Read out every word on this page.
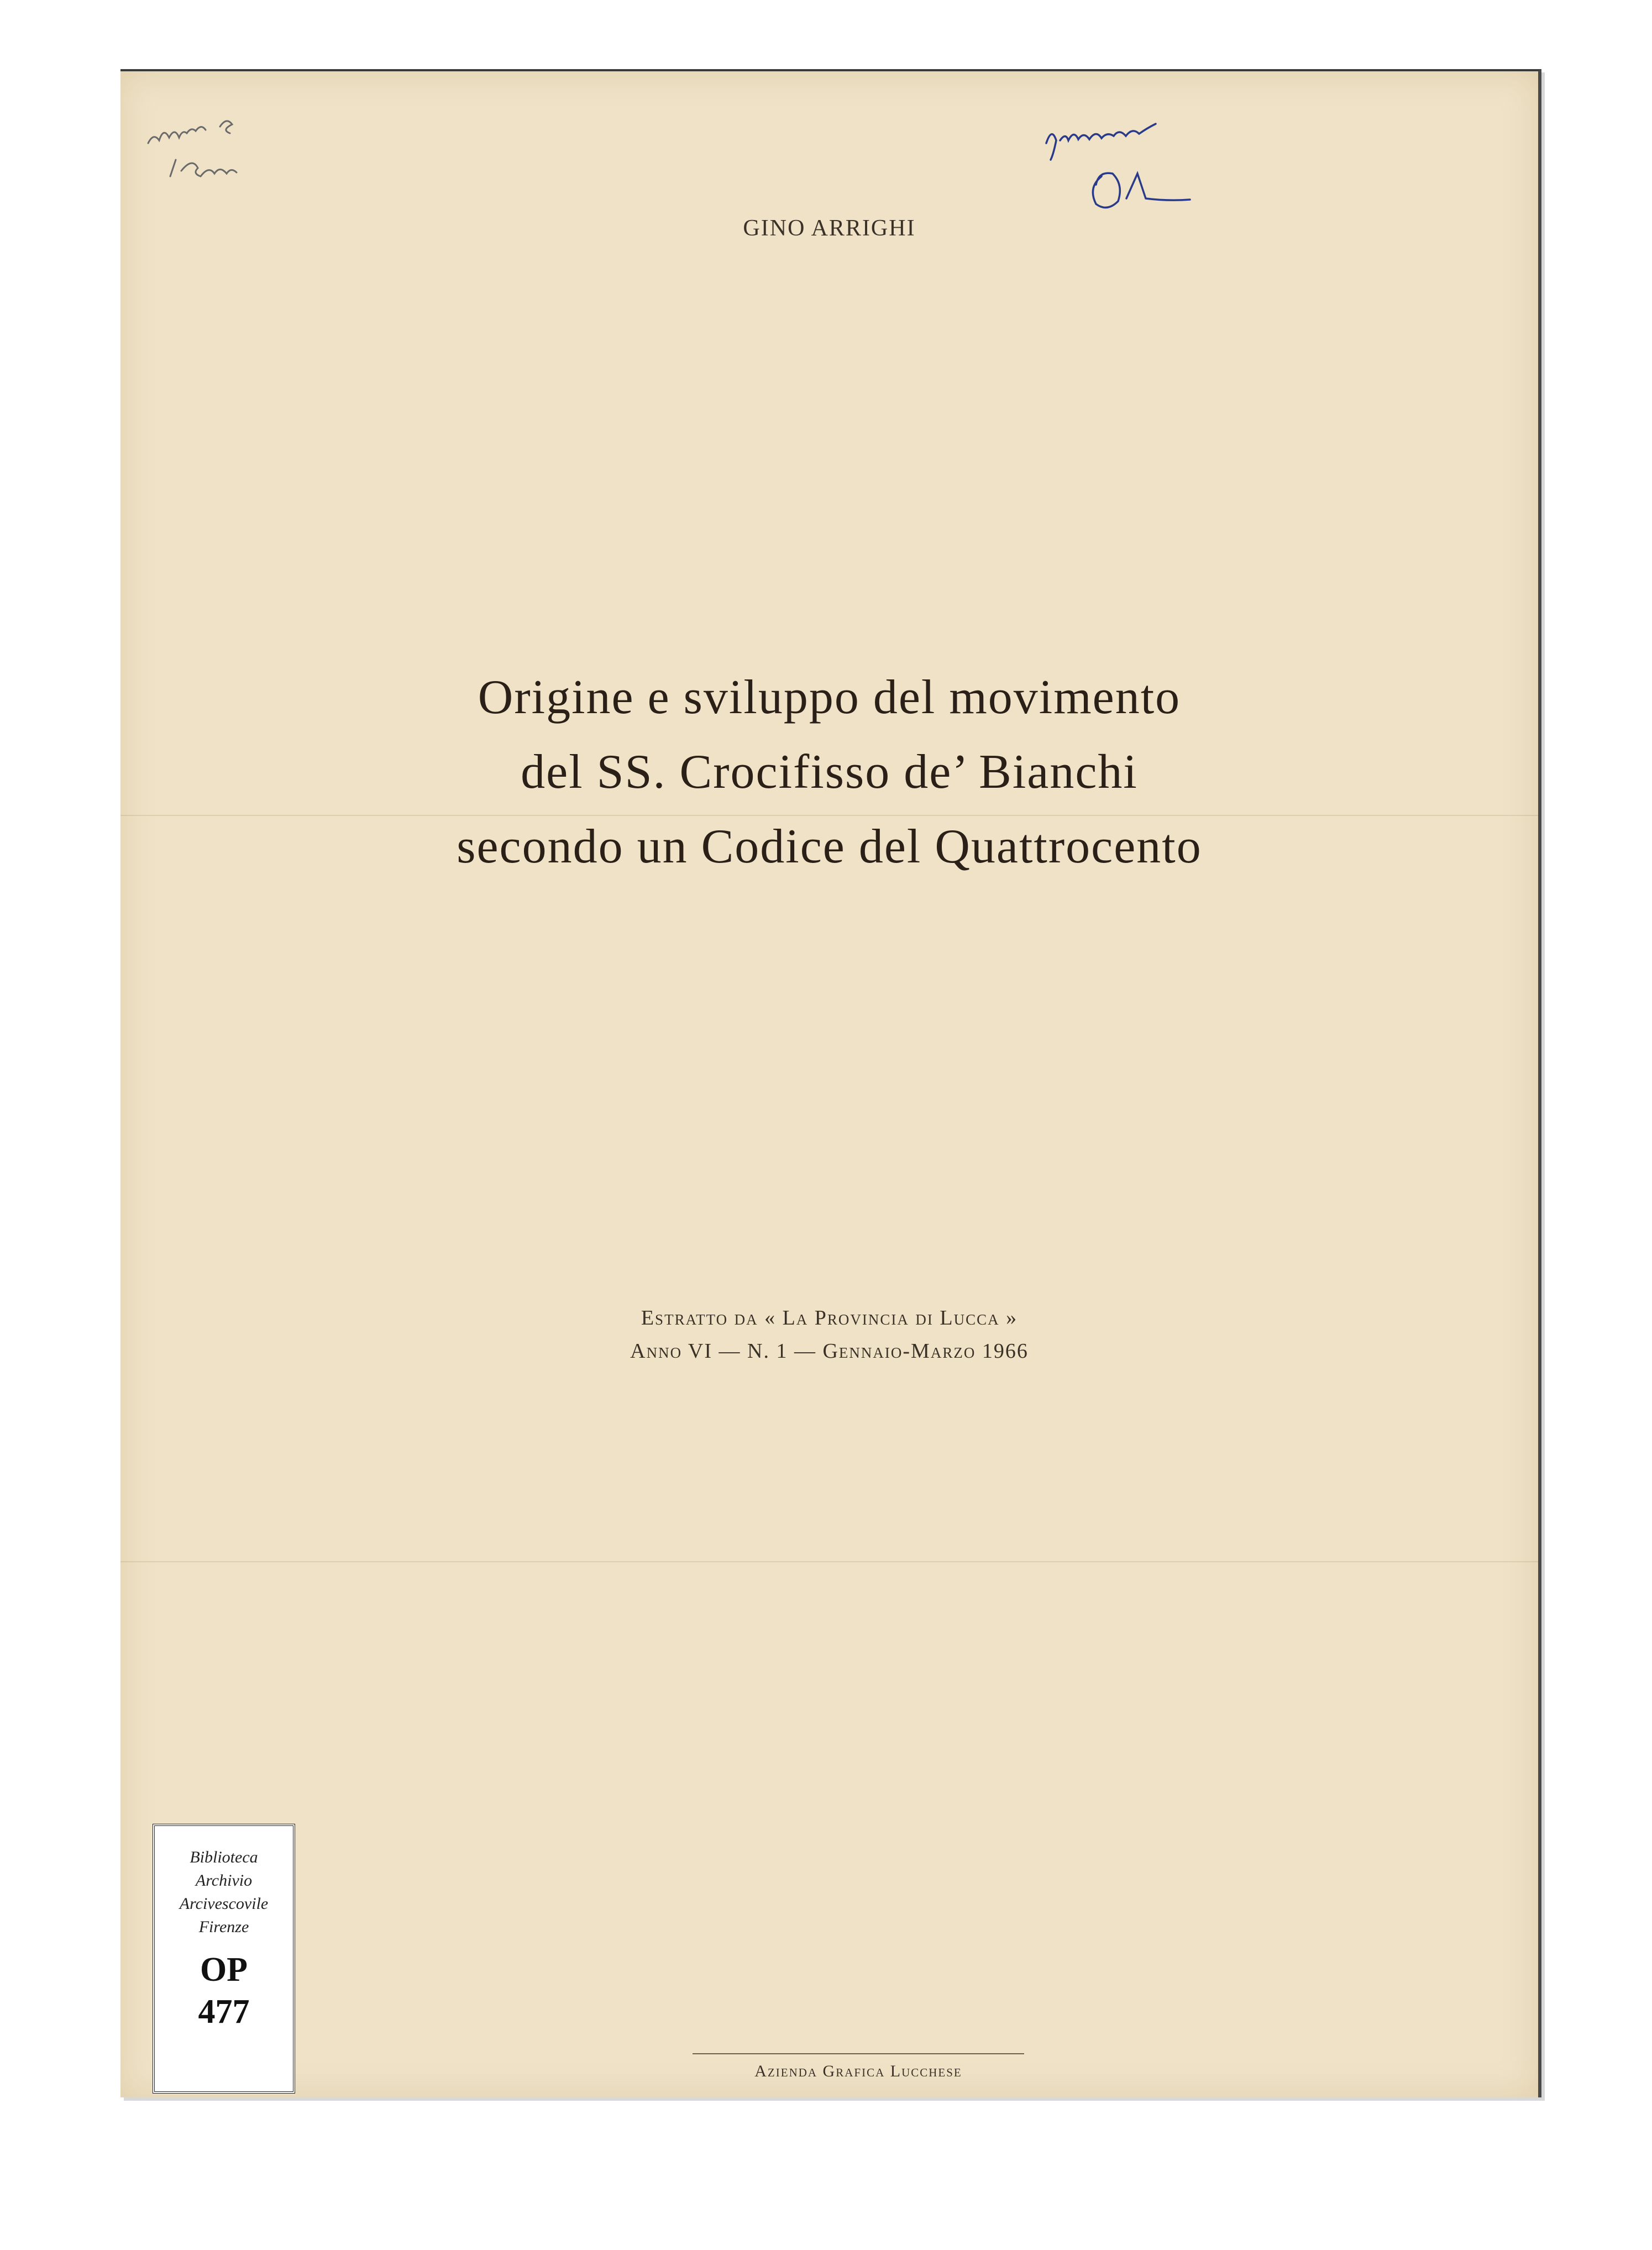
GINO ARRIGHI
Origine e sviluppo del movimento
del SS. Crocifisso de’ Bianchi
secondo un Codice del Quattrocento
Estratto da « La Provincia di Lucca »
Anno VI — N. 1 — Gennaio-Marzo 1966
Azienda Grafica Lucchese
Biblioteca
Archivio
Arcivescovile
Firenze
OP
477
